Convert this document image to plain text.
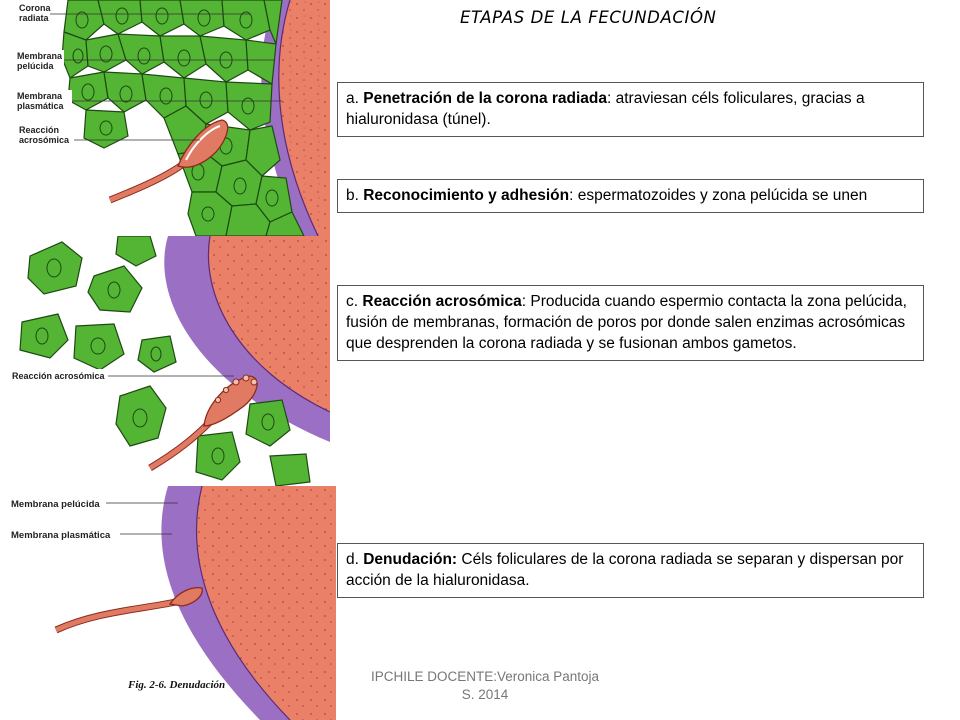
Corona
radiata
Membrana
pelúcida
Membrana
plasmática
Reacción
acrosómica
Reacción acrosómica
Membrana pelúcida
Membrana plasmática
Fig. 2-6. Denudación
ETAPAS DE LA FECUNDACIÓN
a. Penetración de la corona radiada: atraviesan céls foliculares, gracias a hialuronidasa (túnel).
b. Reconocimiento y adhesión: espermatozoides y zona pelúcida se unen
c. Reacción acrosómica: Producida cuando espermio contacta la zona pelúcida, fusión de membranas, formación de poros por donde salen enzimas acrosómicas que desprenden la corona radiada y se fusionan ambos gametos.
d. Denudación: Céls foliculares de la corona radiada se separan y dispersan por acción de la hialuronidasa.
IPCHILE DOCENTE:Veronica Pantoja
S. 2014
